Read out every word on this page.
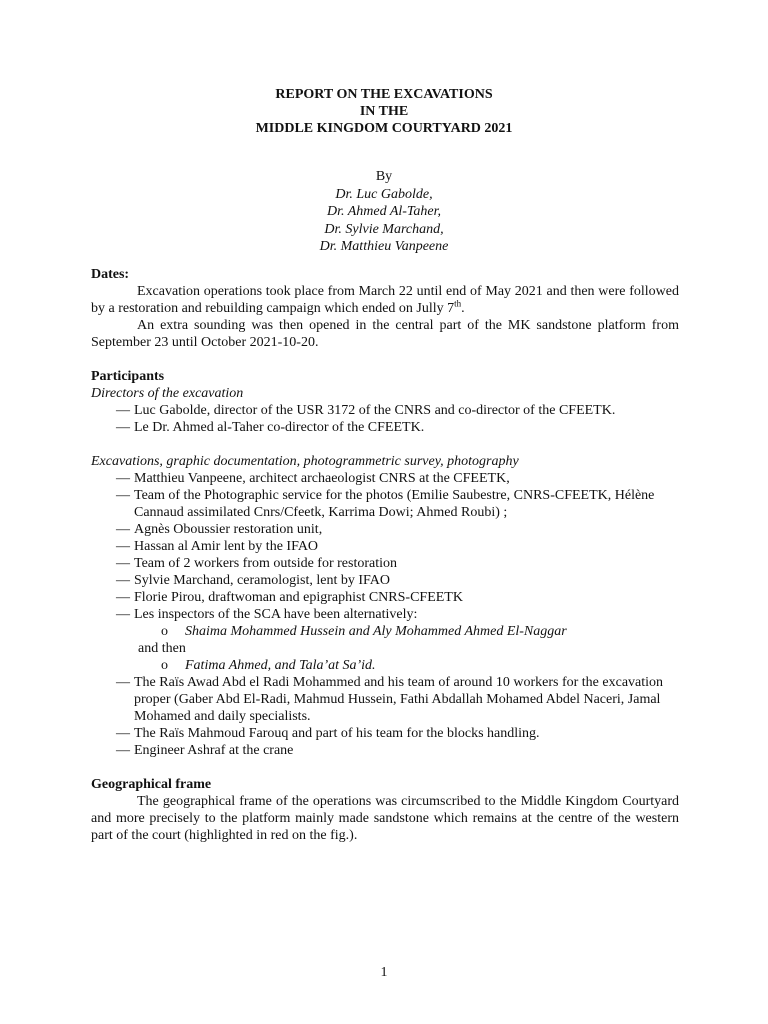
REPORT ON THE EXCAVATIONS
IN THE
MIDDLE KINGDOM COURTYARD 2021
By
Dr. Luc Gabolde,
Dr. Ahmed Al-Taher,
Dr. Sylvie Marchand,
Dr. Matthieu Vanpeene
Dates:
Excavation operations took place from March 22 until end of May 2021 and then were followed by a restoration and rebuilding campaign which ended on Jully 7th.
An extra sounding was then opened in the central part of the MK sandstone platform from September 23 until October 2021-10-20.
Participants
Directors of the excavation
— Luc Gabolde, director of the USR 3172 of the CNRS and co-director of the CFEETK.
— Le Dr. Ahmed al-Taher co-director of the CFEETK.
Excavations, graphic documentation, photogrammetric survey, photography
— Matthieu Vanpeene, architect archaeologist CNRS at the CFEETK,
— Team of the Photographic service for the photos (Emilie Saubestre, CNRS-CFEETK, Hélène Cannaud assimilated Cnrs/Cfeetk, Karrima Dowi; Ahmed Roubi) ;
— Agnès Oboussier restoration unit,
— Hassan al Amir lent by the IFAO
— Team of 2 workers from outside for restoration
— Sylvie Marchand, ceramologist, lent by IFAO
— Florie Pirou, draftwoman and epigraphist CNRS-CFEETK
— Les inspectors of the SCA have been alternatively:
o Shaima Mohammed Hussein and Aly Mohammed Ahmed El-Naggar
and then
o Fatima Ahmed, and Tala’at Sa’id.
— The Raïs Awad Abd el Radi Mohammed and his team of around 10 workers for the excavation proper (Gaber Abd El-Radi, Mahmud Hussein, Fathi Abdallah Mohamed Abdel Naceri, Jamal Mohamed and daily specialists.
— The Raïs Mahmoud Farouq and part of his team for the blocks handling.
— Engineer Ashraf at the crane
Geographical frame
The geographical frame of the operations was circumscribed to the Middle Kingdom Courtyard and more precisely to the platform mainly made sandstone which remains at the centre of the western part of the court (highlighted in red on the fig.).
1
